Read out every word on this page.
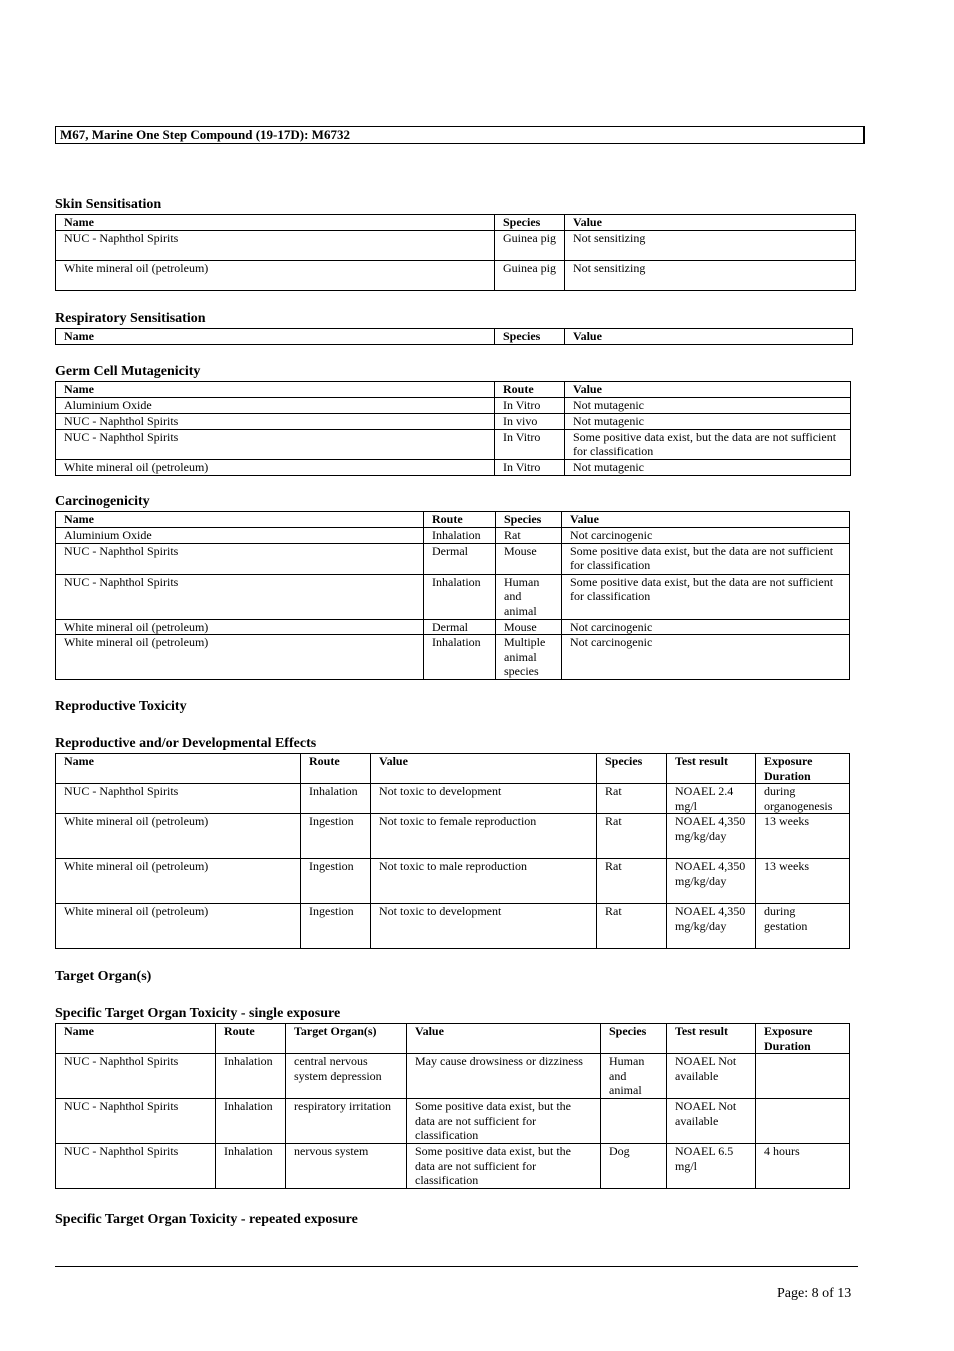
M67, Marine One Step Compound (19-17D): M6732
Skin Sensitisation
Name	Species	Value
NUC - Naphthol Spirits	Guinea pig	Not sensitizing
White mineral oil (petroleum)	Guinea pig	Not sensitizing
Respiratory Sensitisation
Name	Species	Value
Germ Cell Mutagenicity
Name	Route	Value
Aluminium Oxide	In Vitro	Not mutagenic
NUC - Naphthol Spirits	In vivo	Not mutagenic
NUC - Naphthol Spirits	In Vitro	Some positive data exist, but the data are not sufficient for classification
White mineral oil (petroleum)	In Vitro	Not mutagenic
Carcinogenicity
Name	Route	Species	Value
Aluminium Oxide	Inhalation	Rat	Not carcinogenic
NUC - Naphthol Spirits	Dermal	Mouse	Some positive data exist, but the data are not sufficient for classification
NUC - Naphthol Spirits	Inhalation	Human and animal	Some positive data exist, but the data are not sufficient for classification
White mineral oil (petroleum)	Dermal	Mouse	Not carcinogenic
White mineral oil (petroleum)	Inhalation	Multiple animal species	Not carcinogenic
Reproductive Toxicity
Reproductive and/or Developmental Effects
Name	Route	Value	Species	Test result	Exposure Duration
NUC - Naphthol Spirits	Inhalation	Not toxic to development	Rat	NOAEL 2.4 mg/l	during organogenesis
White mineral oil (petroleum)	Ingestion	Not toxic to female reproduction	Rat	NOAEL 4,350 mg/kg/day	13 weeks
White mineral oil (petroleum)	Ingestion	Not toxic to male reproduction	Rat	NOAEL 4,350 mg/kg/day	13 weeks
White mineral oil (petroleum)	Ingestion	Not toxic to development	Rat	NOAEL 4,350 mg/kg/day	during gestation
Target Organ(s)
Specific Target Organ Toxicity - single exposure
Name	Route	Target Organ(s)	Value	Species	Test result	Exposure Duration
NUC - Naphthol Spirits	Inhalation	central nervous system depression	May cause drowsiness or dizziness	Human and animal	NOAEL Not available	
NUC - Naphthol Spirits	Inhalation	respiratory irritation	Some positive data exist, but the data are not sufficient for classification		NOAEL Not available	
NUC - Naphthol Spirits	Inhalation	nervous system	Some positive data exist, but the data are not sufficient for classification	Dog	NOAEL 6.5 mg/l	4 hours
Specific Target Organ Toxicity - repeated exposure
Page: 8 of 13
